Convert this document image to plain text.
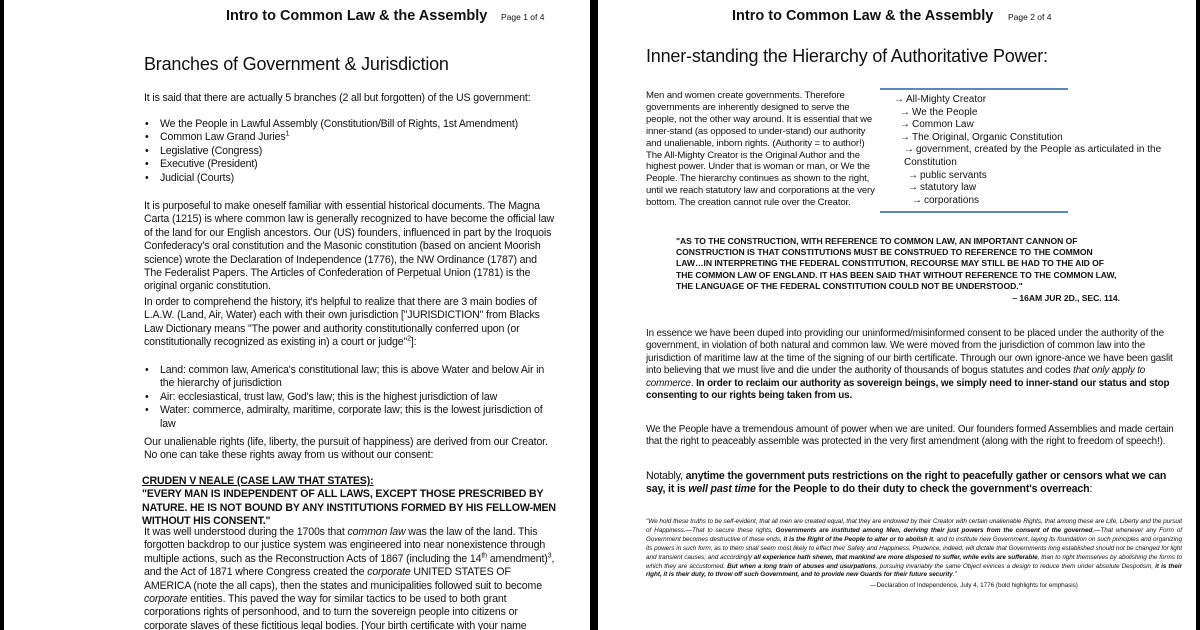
Intro to Common Law & the Assembly Page 1 of 4
Branches of Government & Jurisdiction

It is said that there are actually 5 branches (2 all but forgotten) of the US government:

• We the People in Lawful Assembly (Constitution/Bill of Rights, 1st Amendment)
• Common Law Grand Juries$^1$
• Legislative (Congress)
• Executive (President)
• Judicial (Courts)

It is purposeful to make oneself familiar with essential historical documents. The Magna Carta (1215) is where common law is generally recognized to have become the official law of the land for our English ancestors. Our (US) founders, influenced in part by the Iroquois Confederacy's oral constitution and the Masonic constitution (based on ancient Moorish science) wrote the Declaration of Independence (1776), the NW Ordinance (1787) and The Federalist Papers. The Articles of Confederation of Perpetual Union (1781) is the original organic constitution.

In order to comprehend the history, it's helpful to realize that there are 3 main bodies of L.A.W. (Land, Air, Water) each with their own jurisdiction ["JURISDICTION" from Blacks Law Dictionary means "The power and authority constitutionally conferred upon (or constitutionally recognized as existing in) a court or judge"$^2$]:

• Land: common law, America's constitutional law; this is above Water and below Air in the hierarchy of jurisdiction
• Air: ecclesiastical, trust law, God's law; this is the highest jurisdiction of law
• Water: commerce, admiralty, maritime, corporate law; this is the lowest jurisdiction of law

Our unalienable rights (life, liberty, the pursuit of happiness) are derived from our Creator. No one can take these rights away from us without our consent:

CRUDEN V NEALE (CASE LAW THAT STATES):

"EVERY MAN IS INDEPENDENT OF ALL LAWS, EXCEPT THOSE PRESCRIBED BY NATURE. HE IS NOT BOUND BY ANY INSTITUTIONS FORMED BY HIS FELLOW-MEN WITHOUT HIS CONSENT."

It was well understood during the 1700s that common law was the law of the land. This forgotten backdrop to our justice system was engineered into near nonexistence through multiple actions, such as the Reconstruction Acts of 1867 (including the 14th amendment)$^3$, and the Act of 1871 where Congress created the corporate UNITED STATES OF AMERICA (note the all caps), then the states and municipalities followed suit to become corporate entities. This paved the way for similar tactics to be used to both grant corporations rights of personhood, and to turn the sovereign people into citizens or corporate slaves of these fictitious legal bodies. [Your birth certificate with your name

Intro to Common Law & the Assembly Page 2 of 4
Inner-standing the Hierarchy of Authoritative Power:

Men and women create governments. Therefore governments are inherently designed to serve the people, not the other way around. It is essential that we inner-stand (as opposed to under-stand) our authority and unalienable, inborn rights. (Authority = to author!) The All-Mighty Creator is the Original Author and the highest power. Under that is woman or man, or We the People. The hierarchy continues as shown to the right, until we reach statutory law and corporations at the very bottom. The creation cannot rule over the Creator.

→ All-Mighty Creator
→ We the People
→ Common Law
→ The Original, Organic Constitution
→ government, created by the People as articulated in the Constitution
→ public servants
→ statutory law
→ corporations

"AS TO THE CONSTRUCTION, WITH REFERENCE TO COMMON LAW, AN IMPORTANT CANNON OF CONSTRUCTION IS THAT CONSTITUTIONS MUST BE CONSTRUED TO REFERENCE TO THE COMMON LAW…IN INTERPRETING THE FEDERAL CONSTITUTION, RECOURSE MAY STILL BE HAD TO THE AID OF THE COMMON LAW OF ENGLAND. IT HAS BEEN SAID THAT WITHOUT REFERENCE TO THE COMMON LAW, THE LANGUAGE OF THE FEDERAL CONSTITUTION COULD NOT BE UNDERSTOOD."

– 16AM JUR 2D., SEC. 114.

In essence we have been duped into providing our uninformed/misinformed consent to be placed under the authority of the government, in violation of both natural and common law. We were moved from the jurisdiction of common law into the jurisdiction of maritime law at the time of the signing of our birth certificate. Through our own ignore-ance we have been gaslit into believing that we must live and die under the authority of thousands of bogus statutes and codes that only apply to commerce. In order to reclaim our authority as sovereign beings, we simply need to inner-stand our status and stop consenting to our rights being taken from us.

We the People have a tremendous amount of power when we are united. Our founders formed Assemblies and made certain that the right to peaceably assemble was protected in the very first amendment (along with the right to freedom of speech!).

Notably, anytime the government puts restrictions on the right to peacefully gather or censors what we can say, it is well past time for the People to do their duty to check the government's overreach:

"We hold these truths to be self-evident, that all men are created equal, that they are endowed by their Creator with certain unalienable Rights, that among these are Life, Liberty and the pursuit of Happiness.—That to secure these rights, Governments are instituted among Men, deriving their just powers from the consent of the governed,—That whenever any Form of Government becomes destructive of these ends, it is the Right of the People to alter or to abolish it, and to institute new Government, laying its foundation on such principles and organizing its powers in such form, as to them shall seem most likely to effect their Safety and Happiness. Prudence, indeed, will dictate that Governments long established should not be changed for light and transient causes; and accordingly all experience hath shewn, that mankind are more disposed to suffer, while evils are sufferable, than to right themselves by abolishing the forms to which they are accustomed. But when a long train of abuses and usurpations, pursuing invariably the same Object evinces a design to reduce them under absolute Despotism, it is their right, it is their duty, to throw off such Government, and to provide new Guards for their future security."

—Declaration of Independence, July 4, 1776 (bold highlights for emphasis)
